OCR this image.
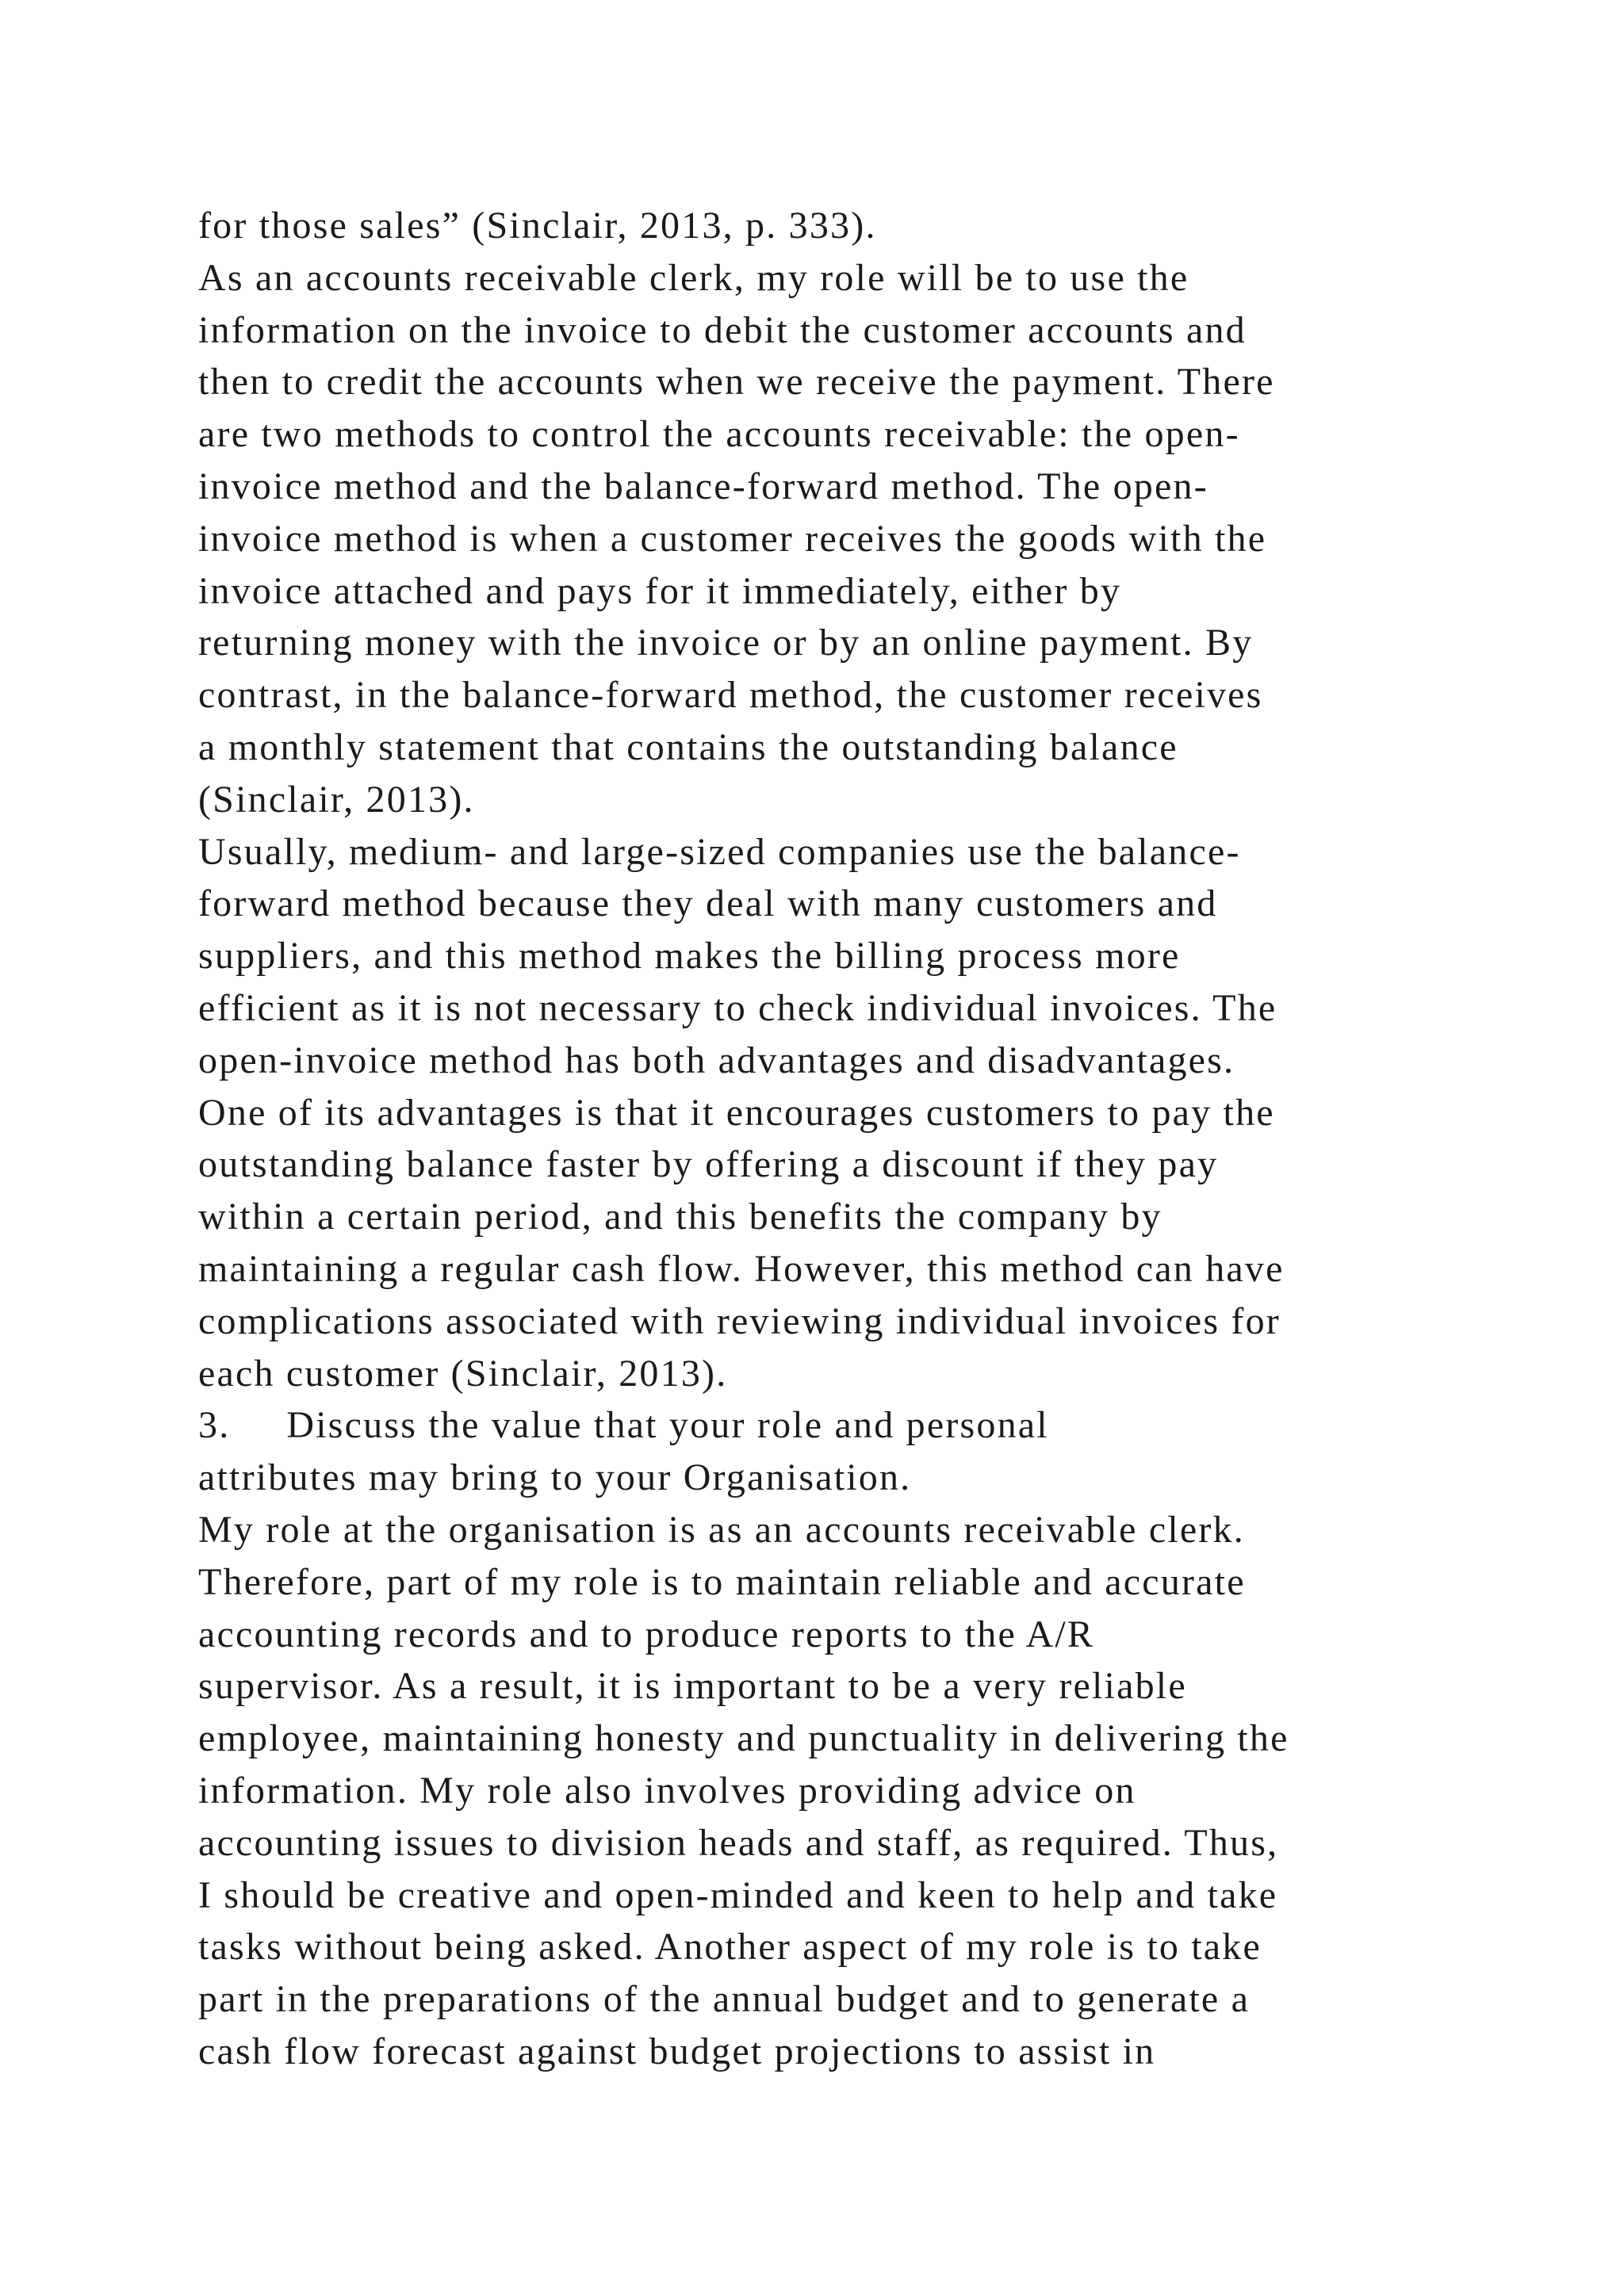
for those sales” (Sinclair, 2013, p. 333).
As an accounts receivable clerk, my role will be to use the
information on the invoice to debit the customer accounts and
then to credit the accounts when we receive the payment. There
are two methods to control the accounts receivable: the open-
invoice method and the balance-forward method. The open-
invoice method is when a customer receives the goods with the
invoice attached and pays for it immediately, either by
returning money with the invoice or by an online payment. By
contrast, in the balance-forward method, the customer receives
a monthly statement that contains the outstanding balance
(Sinclair, 2013).
Usually, medium- and large-sized companies use the balance-
forward method because they deal with many customers and
suppliers, and this method makes the billing process more
efficient as it is not necessary to check individual invoices. The
open-invoice method has both advantages and disadvantages.
One of its advantages is that it encourages customers to pay the
outstanding balance faster by offering a discount if they pay
within a certain period, and this benefits the company by
maintaining a regular cash flow. However, this method can have
complications associated with reviewing individual invoices for
each customer (Sinclair, 2013).
3.     Discuss the value that your role and personal
attributes may bring to your Organisation.
My role at the organisation is as an accounts receivable clerk.
Therefore, part of my role is to maintain reliable and accurate
accounting records and to produce reports to the A/R
supervisor. As a result, it is important to be a very reliable
employee, maintaining honesty and punctuality in delivering the
information. My role also involves providing advice on
accounting issues to division heads and staff, as required. Thus,
I should be creative and open-minded and keen to help and take
tasks without being asked. Another aspect of my role is to take
part in the preparations of the annual budget and to generate a
cash flow forecast against budget projections to assist in
